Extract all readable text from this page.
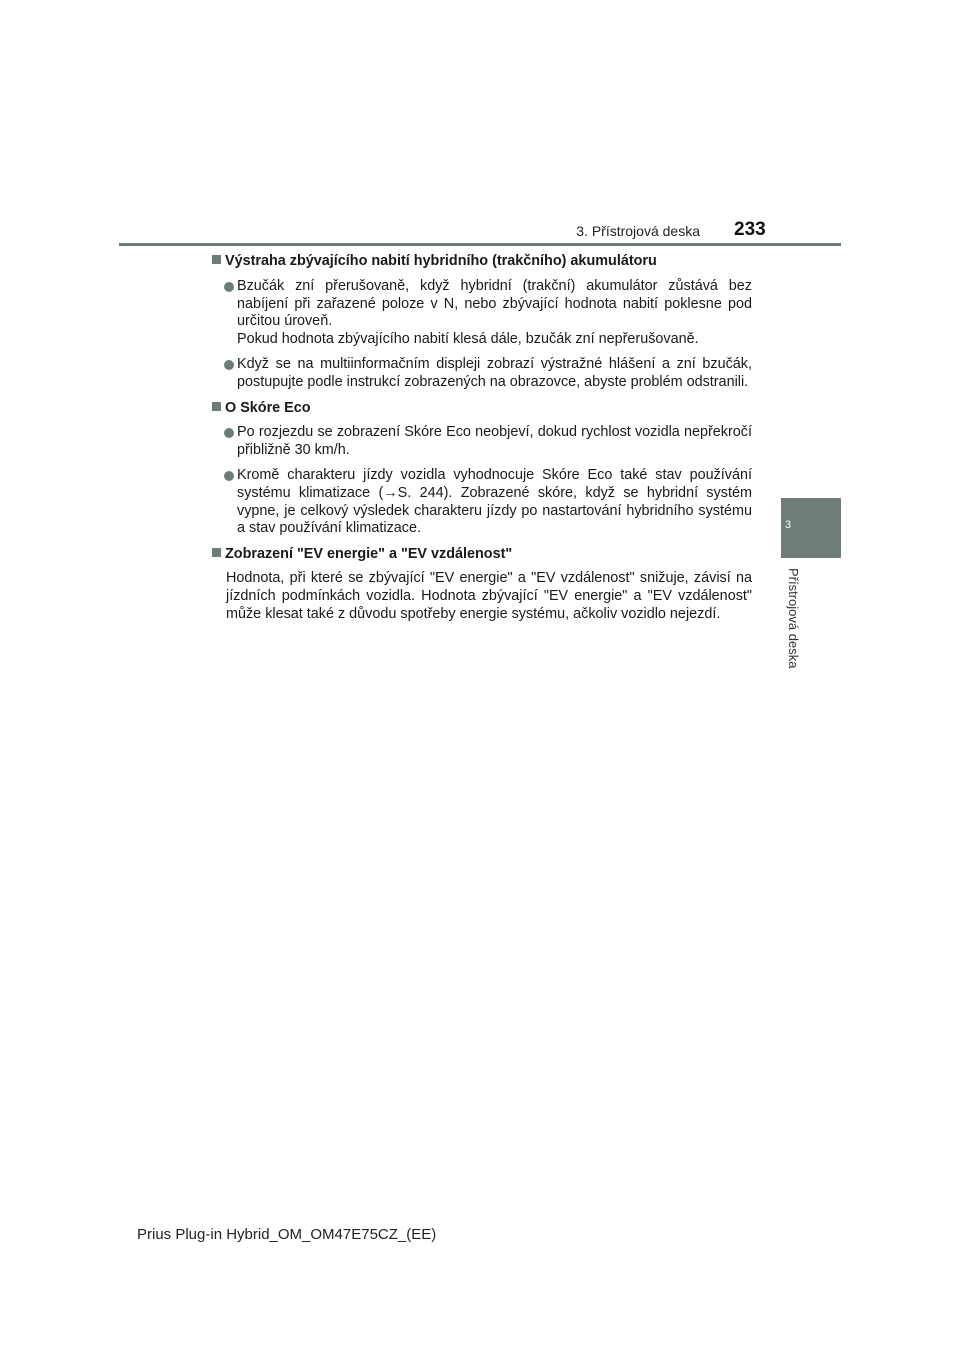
3. Přístrojová deska 233
3
Přístrojová deska
Výstraha zbývajícího nabití hybridního (trakčního) akumulátoru
Bzučák zní přerušovaně, když hybridní (trakční) akumulátor zůstává bez nabíjení při zařazené poloze v N, nebo zbývající hodnota nabití poklesne pod určitou úroveň.
Pokud hodnota zbývajícího nabití klesá dále, bzučák zní nepřerušovaně.
Když se na multiinformačním displeji zobrazí výstražné hlášení a zní bzučák, postupujte podle instrukcí zobrazených na obrazovce, abyste problém odstranili.
O Skóre Eco
Po rozjezdu se zobrazení Skóre Eco neobjeví, dokud rychlost vozidla nepřekročí přibližně 30 km/h.
Kromě charakteru jízdy vozidla vyhodnocuje Skóre Eco také stav používání systému klimatizace (→S. 244). Zobrazené skóre, když se hybridní systém vypne, je celkový výsledek charakteru jízdy po nastartování hybridního systému a stav používání klimatizace.
Zobrazení "EV energie" a "EV vzdálenost"
Hodnota, při které se zbývající "EV energie" a "EV vzdálenost" snižuje, závisí na jízdních podmínkách vozidla. Hodnota zbývající "EV energie" a "EV vzdálenost" může klesat také z důvodu spotřeby energie systému, ačkoliv vozidlo nejezdí.
Prius Plug-in Hybrid_OM_OM47E75CZ_(EE)
